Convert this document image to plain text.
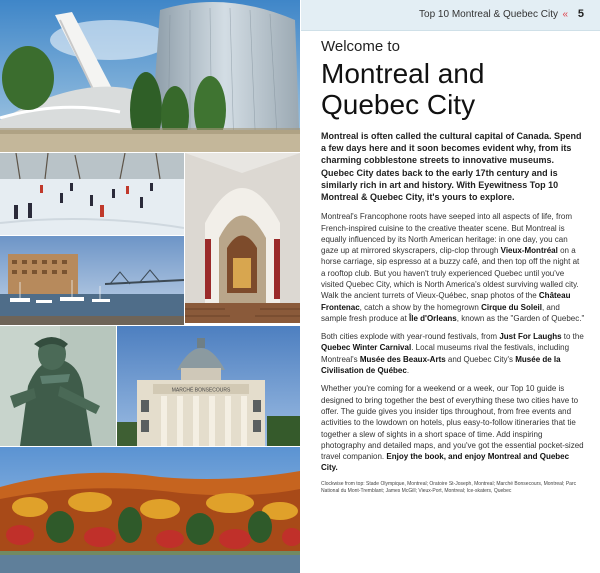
MARCHÉ BONSECOURS
Top 10 Montreal & Quebec City « 5

Welcome to

Montreal and Quebec City

Montreal is often called the cultural capital of Canada. Spend a few days here and it soon becomes evident why, from its charming cobblestone streets to innovative museums. Quebec City dates back to the early 17th century and is similarly rich in art and history. With Eyewitness Top 10 Montreal & Quebec City, it's yours to explore.

Montreal's Francophone roots have seeped into all aspects of life, from French-inspired cuisine to the creative theater scene. But Montreal is equally influenced by its North American heritage: in one day, you can gaze up at mirrored skyscrapers, clip-clop through Vieux-Montréal on a horse carriage, sip espresso at a buzzy café, and then top off the night at a rooftop club. But you haven't truly experienced Quebec until you've visited Quebec City, which is North America's oldest surviving walled city. Walk the ancient turrets of Vieux-Québec, snap photos of the Château Frontenac, catch a show by the homegrown Cirque du Soleil, and sample fresh produce at Île d'Orleans, known as the "Garden of Quebec."

Both cities explode with year-round festivals, from Just For Laughs to the Quebec Winter Carnival. Local museums rival the festivals, including Montreal's Musée des Beaux-Arts and Quebec City's Musée de la Civilisation de Québec.

Whether you're coming for a weekend or a week, our Top 10 guide is designed to bring together the best of everything these two cities have to offer. The guide gives you insider tips throughout, from free events and activities to the lowdown on hotels, plus easy-to-follow itineraries that tie together a slew of sights in a short space of time. Add inspiring photography and detailed maps, and you've got the essential pocket-sized travel companion. Enjoy the book, and enjoy Montreal and Quebec City.

Clockwise from top: Stade Olympique, Montreal; Oratoire St-Joseph, Montreal; Marché Bonsecours, Montreal; Parc National du Mont-Tremblant; James McGill; Vieux-Port, Montreal; Ice-skaters, Quebec
